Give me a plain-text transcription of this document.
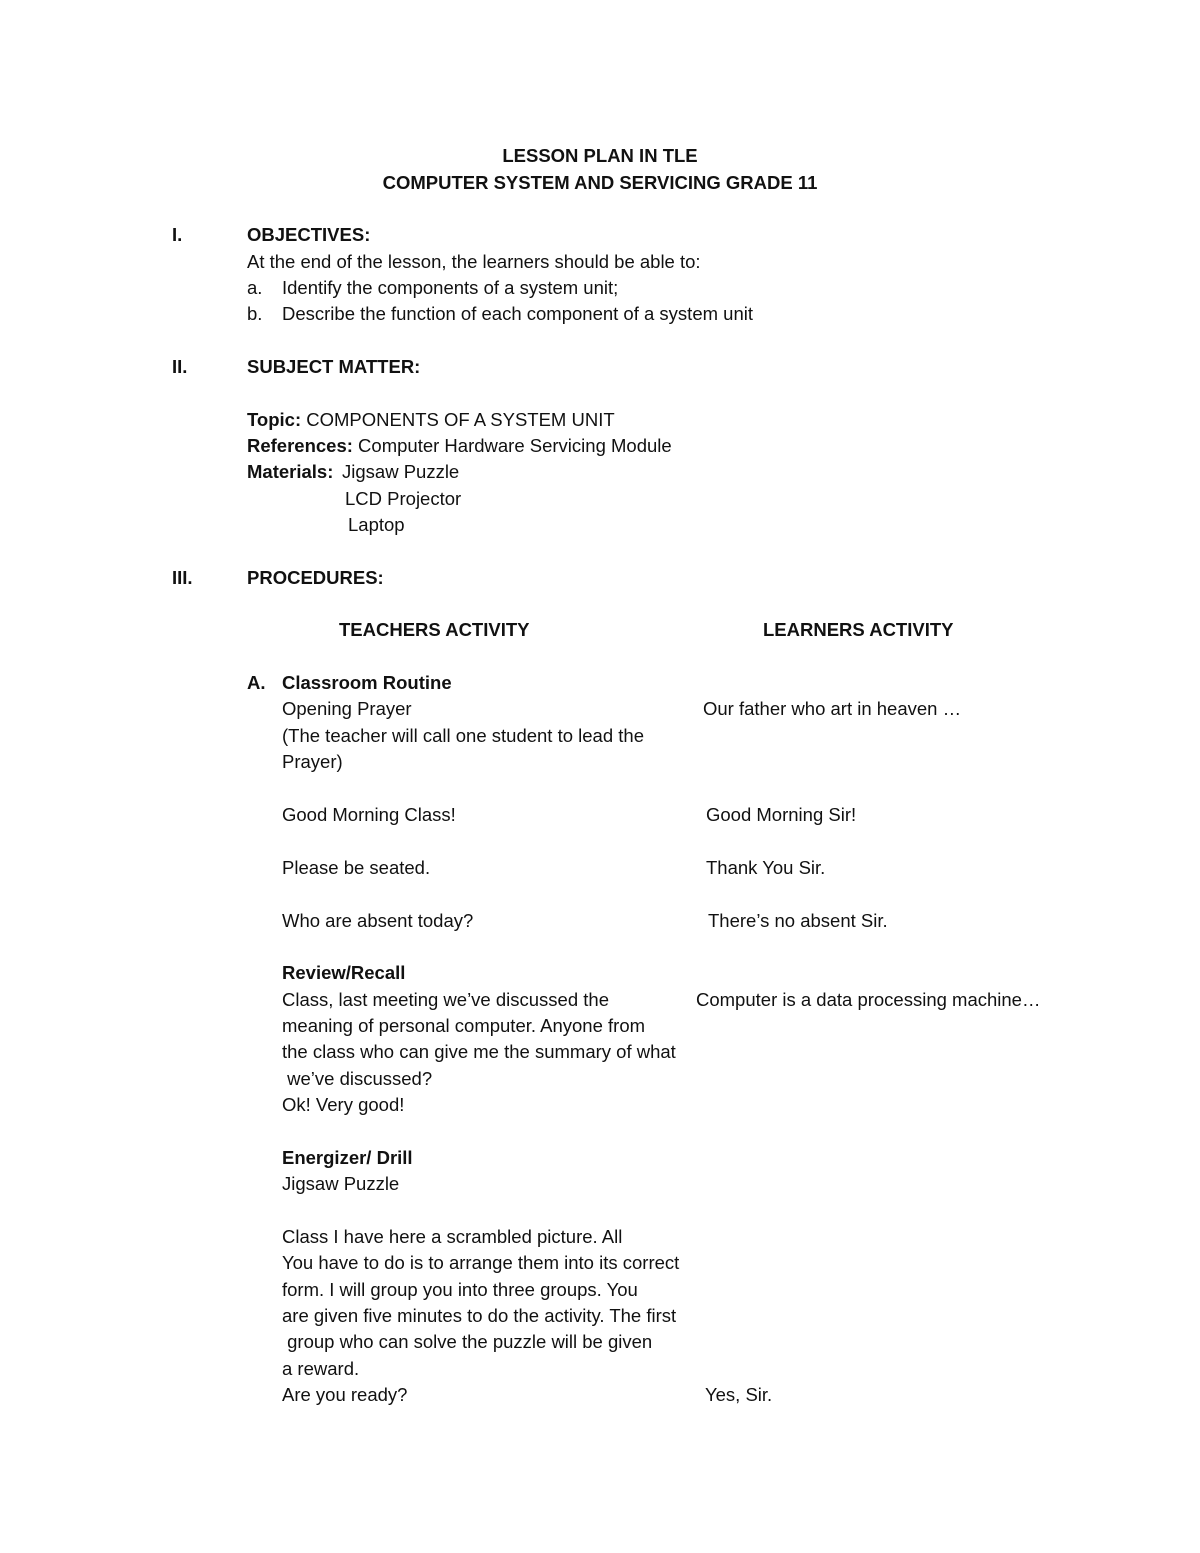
LESSON PLAN IN TLE

COMPUTER SYSTEM AND SERVICING GRADE 11

I.	OBJECTIVES:

At the end of the lesson, the learners should be able to:

a. Identify the components of a system unit;

b. Describe the function of each component of a system unit

II.	SUBJECT MATTER:

Topic: COMPONENTS OF A SYSTEM UNIT

References: Computer Hardware Servicing Module

Materials: Jigsaw Puzzle

LCD Projector

Laptop

III.	PROCEDURES:

TEACHERS ACTIVITY	LEARNERS ACTIVITY

A. Classroom Routine

Opening Prayer	Our father who art in heaven …

(The teacher will call one student to lead the

Prayer)

Good Morning Class!	Good Morning Sir!

Please be seated.	Thank You Sir.

Who are absent today?	There’s no absent Sir.

Review/Recall

Class, last meeting we’ve discussed the	Computer is a data processing machine…

meaning of personal computer. Anyone from

the class who can give me the summary of what

we’ve discussed?

Ok! Very good!

Energizer/ Drill

Jigsaw Puzzle

Class I have here a scrambled picture. All

You have to do is to arrange them into its correct

form. I will group you into three groups. You

are given five minutes to do the activity. The first

group who can solve the puzzle will be given

a reward.

Are you ready?	Yes, Sir.
